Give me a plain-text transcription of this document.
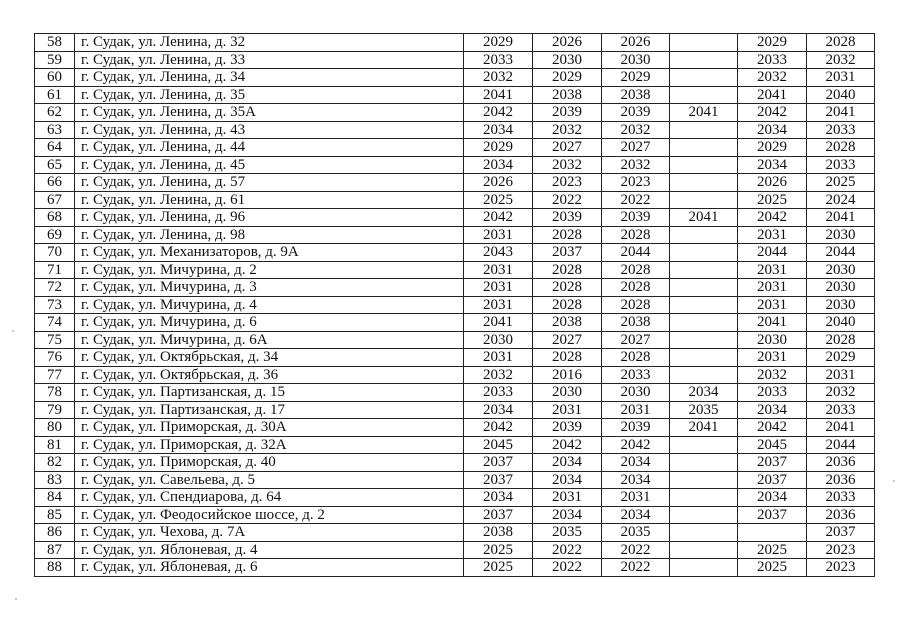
58	г. Судак, ул. Ленина, д. 32	2029	2026	2026		2029	2028
59	г. Судак, ул. Ленина, д. 33	2033	2030	2030		2033	2032
60	г. Судак, ул. Ленина, д. 34	2032	2029	2029		2032	2031
61	г. Судак, ул. Ленина, д. 35	2041	2038	2038		2041	2040
62	г. Судак, ул. Ленина, д. 35А	2042	2039	2039	2041	2042	2041
63	г. Судак, ул. Ленина, д. 43	2034	2032	2032		2034	2033
64	г. Судак, ул. Ленина, д. 44	2029	2027	2027		2029	2028
65	г. Судак, ул. Ленина, д. 45	2034	2032	2032		2034	2033
66	г. Судак, ул. Ленина, д. 57	2026	2023	2023		2026	2025
67	г. Судак, ул. Ленина, д. 61	2025	2022	2022		2025	2024
68	г. Судак, ул. Ленина, д. 96	2042	2039	2039	2041	2042	2041
69	г. Судак, ул. Ленина, д. 98	2031	2028	2028		2031	2030
70	г. Судак, ул. Механизаторов, д. 9А	2043	2037	2044		2044	2044
71	г. Судак, ул. Мичурина, д. 2	2031	2028	2028		2031	2030
72	г. Судак, ул. Мичурина, д. 3	2031	2028	2028		2031	2030
73	г. Судак, ул. Мичурина, д. 4	2031	2028	2028		2031	2030
74	г. Судак, ул. Мичурина, д. 6	2041	2038	2038		2041	2040
75	г. Судак, ул. Мичурина, д. 6А	2030	2027	2027		2030	2028
76	г. Судак, ул. Октябрьская, д. 34	2031	2028	2028		2031	2029
77	г. Судак, ул. Октябрьская, д. 36	2032	2016	2033		2032	2031
78	г. Судак, ул. Партизанская, д. 15	2033	2030	2030	2034	2033	2032
79	г. Судак, ул. Партизанская, д. 17	2034	2031	2031	2035	2034	2033
80	г. Судак, ул. Приморская, д. 30А	2042	2039	2039	2041	2042	2041
81	г. Судак, ул. Приморская, д. 32А	2045	2042	2042		2045	2044
82	г. Судак, ул. Приморская, д. 40	2037	2034	2034		2037	2036
83	г. Судак, ул. Савельева, д. 5	2037	2034	2034		2037	2036
84	г. Судак, ул. Спендиарова, д. 64	2034	2031	2031		2034	2033
85	г. Судак, ул. Феодосийское шоссе, д. 2	2037	2034	2034		2037	2036
86	г. Судак, ул. Чехова, д. 7А	2038	2035	2035			2037
87	г. Судак, ул. Яблоневая, д. 4	2025	2022	2022		2025	2023
88	г. Судак, ул. Яблоневая, д. 6	2025	2022	2022		2025	2023
